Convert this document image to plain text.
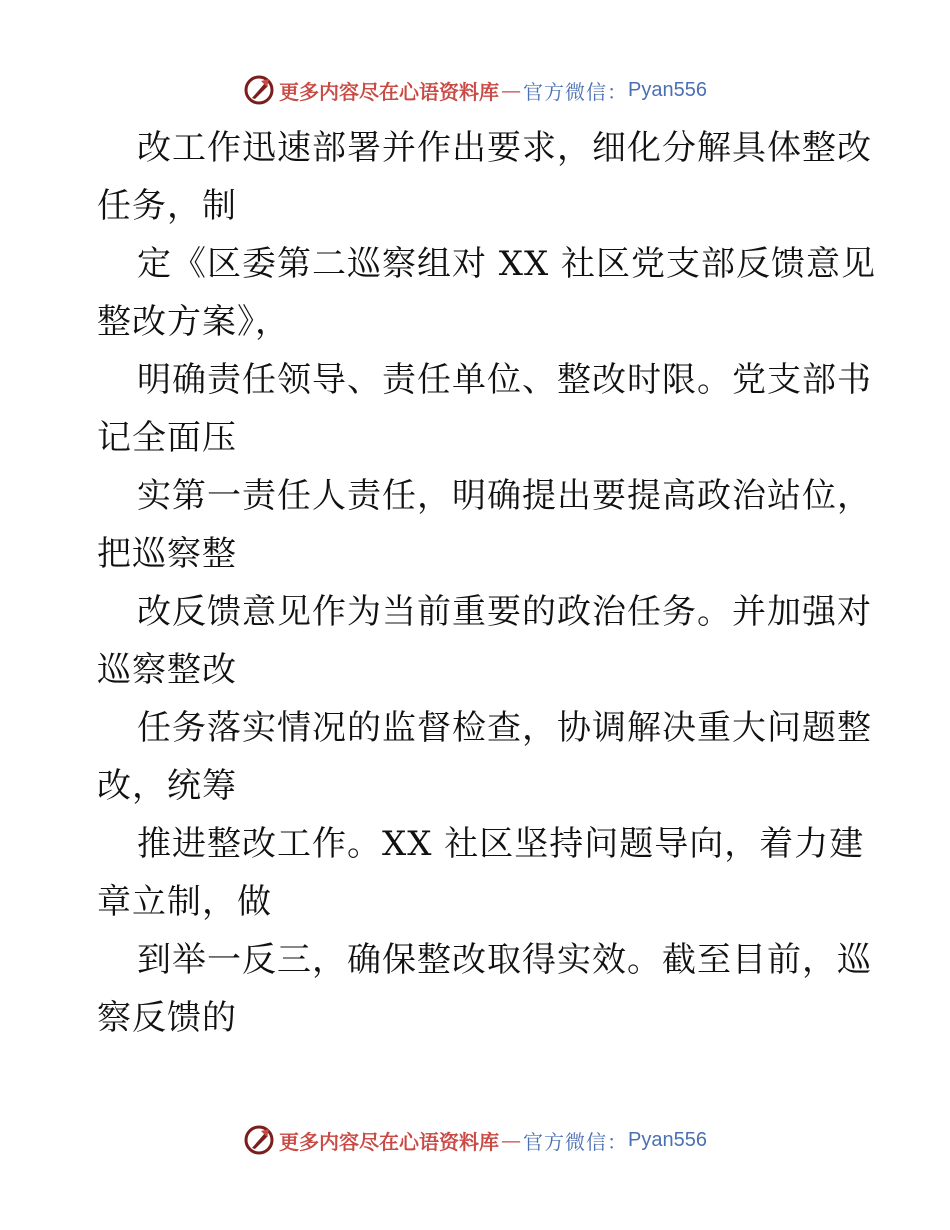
更多内容尽在心语资料库 — 官方微信： Pyan556
改工作迅速部署并作出要求，细化分解具体整改
任务，制
定《区委第二巡察组对 XX 社区党支部反馈意见
整改方案》，
明确责任领导、责任单位、整改时限。党支部书
记全面压
实第一责任人责任，明确提出要提高政治站位，
把巡察整
改反馈意见作为当前重要的政治任务。并加强对
巡察整改
任务落实情况的监督检查，协调解决重大问题整
改，统筹
推进整改工作。XX 社区坚持问题导向，着力建
章立制，做
到举一反三，确保整改取得实效。截至目前，巡
察反馈的
更多内容尽在心语资料库 — 官方微信： Pyan556
